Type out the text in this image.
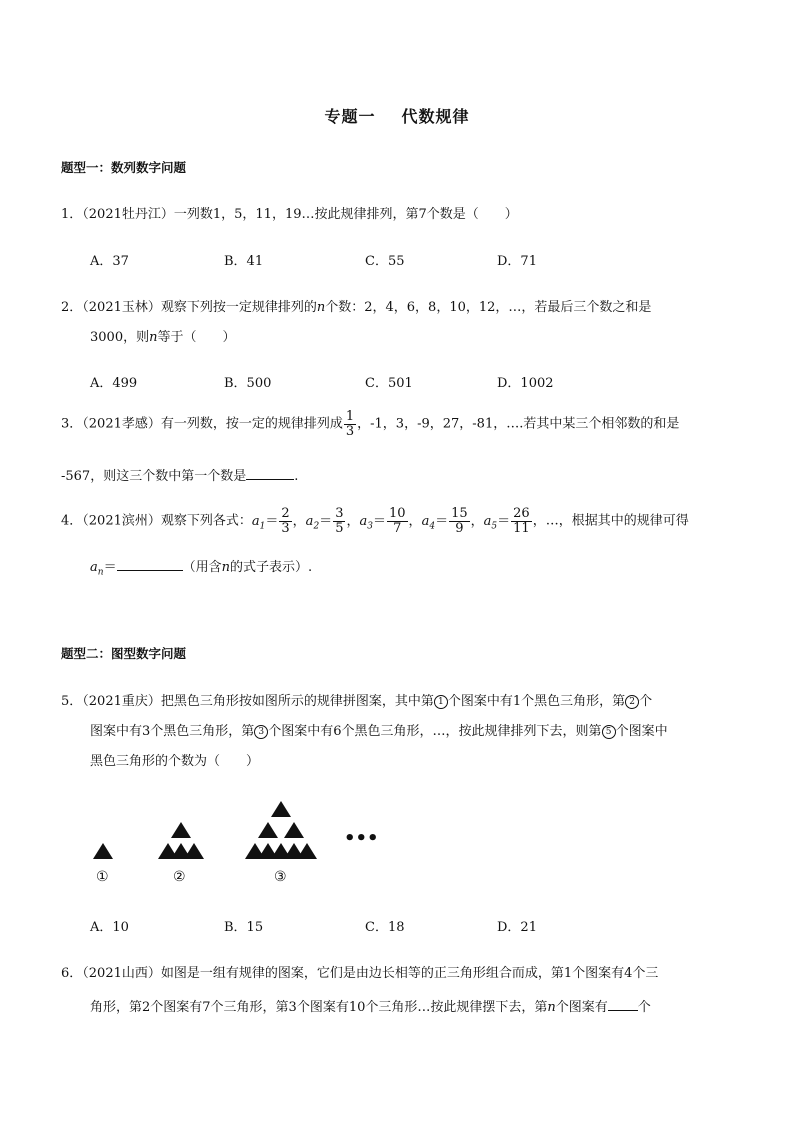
专题一 代数规律
题型一：数列数字问题
1．（2021牡丹江）一列数1，5，11，19…按此规律排列，第7个数是（　　）
A．37	B．41	C．55	D．71
2．（2021玉林）观察下列按一定规律排列的n个数：2，4，6，8，10，12，…，若最后三个数之和是
3000，则n等于（　　）
A．499	B．500	C．501	D．1002
3．（2021孝感）有一列数，按一定的规律排列成 $\frac{1}{3}$ ，-1，3，-9，27，-81，….若其中某三个相邻数的和是
-567，则这三个数中第一个数是	.
4．（2021滨州）观察下列各式：$a_1= \frac{2}{3}$ ，$a_2= \frac{3}{5}$ ，$a_3= \frac{10}{7}$ ，$a_4= \frac{15}{9}$ ，$a_5= \frac{26}{11}$ ，…，根据其中的规律可得
$a_n=$	（用含n的式子表示）.
题型二：图型数字问题
5．（2021重庆）把黑色三角形按如图所示的规律拼图案，其中第 1 个图案中有1个黑色三角形，第 2 个
图案中有3个黑色三角形，第 3 个图案中有6个黑色三角形，…，按此规律排列下去，则第 5 个图案中
黑色三角形的个数为（　　）
•••
①	②	③
A．10	B．15	C．18	D．21
6．（2021山西）如图是一组有规律的图案，它们是由边长相等的正三角形组合而成，第1个图案有4个三
角形，第2个图案有7个三角形，第3个图案有10个三角形…按此规律摆下去，第n个图案有 个
